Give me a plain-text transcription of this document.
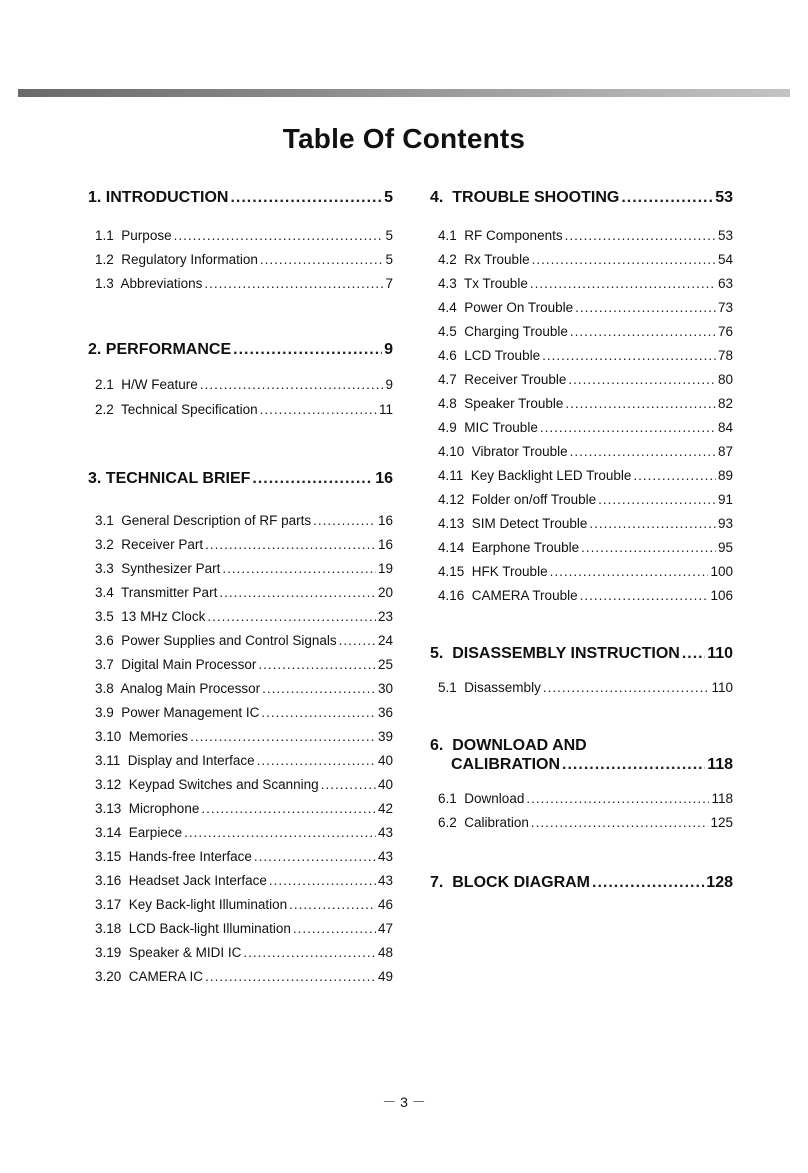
Table Of Contents
1. INTRODUCTION .....	5
1.1 Purpose .....	5
1.2 Regulatory Information .....	5
1.3 Abbreviations .....	7
2. PERFORMANCE .....	9
2.1 H/W Feature .....	9
2.2 Technical Specification .....	11
3. TECHNICAL BRIEF .....	16
3.1 General Description of RF parts .....	16
3.2 Receiver Part .....	16
3.3 Synthesizer Part .....	19
3.4 Transmitter Part .....	20
3.5 13 MHz Clock .....	23
3.6 Power Supplies and Control Signals .....	24
3.7 Digital Main Processor .....	25
3.8 Analog Main Processor .....	30
3.9 Power Management IC .....	36
3.10 Memories .....	39
3.11 Display and Interface .....	40
3.12 Keypad Switches and Scanning .....	40
3.13 Microphone .....	42
3.14 Earpiece .....	43
3.15 Hands-free Interface .....	43
3.16 Headset Jack Interface .....	43
3.17 Key Back-light Illumination .....	46
3.18 LCD Back-light Illumination .....	47
3.19 Speaker & MIDI IC .....	48
3.20 CAMERA IC .....	49
4. TROUBLE SHOOTING .....	53
4.1 RF Components .....	53
4.2 Rx Trouble .....	54
4.3 Tx Trouble .....	63
4.4 Power On Trouble .....	73
4.5 Charging Trouble .....	76
4.6 LCD Trouble .....	78
4.7 Receiver Trouble .....	80
4.8 Speaker Trouble .....	82
4.9 MIC Trouble .....	84
4.10 Vibrator Trouble .....	87
4.11 Key Backlight LED Trouble .....	89
4.12 Folder on/off Trouble .....	91
4.13 SIM Detect Trouble .....	93
4.14 Earphone Trouble .....	95
4.15 HFK Trouble .....	100
4.16 CAMERA Trouble .....	106
5. DISASSEMBLY INSTRUCTION ..... 110
5.1 Disassembly .....	110
6. DOWNLOAD AND
CALIBRATION .....	118
6.1 Download .....	118
6.2 Calibration .....	125
7. BLOCK DIAGRAM .....	128
－ 3 －
